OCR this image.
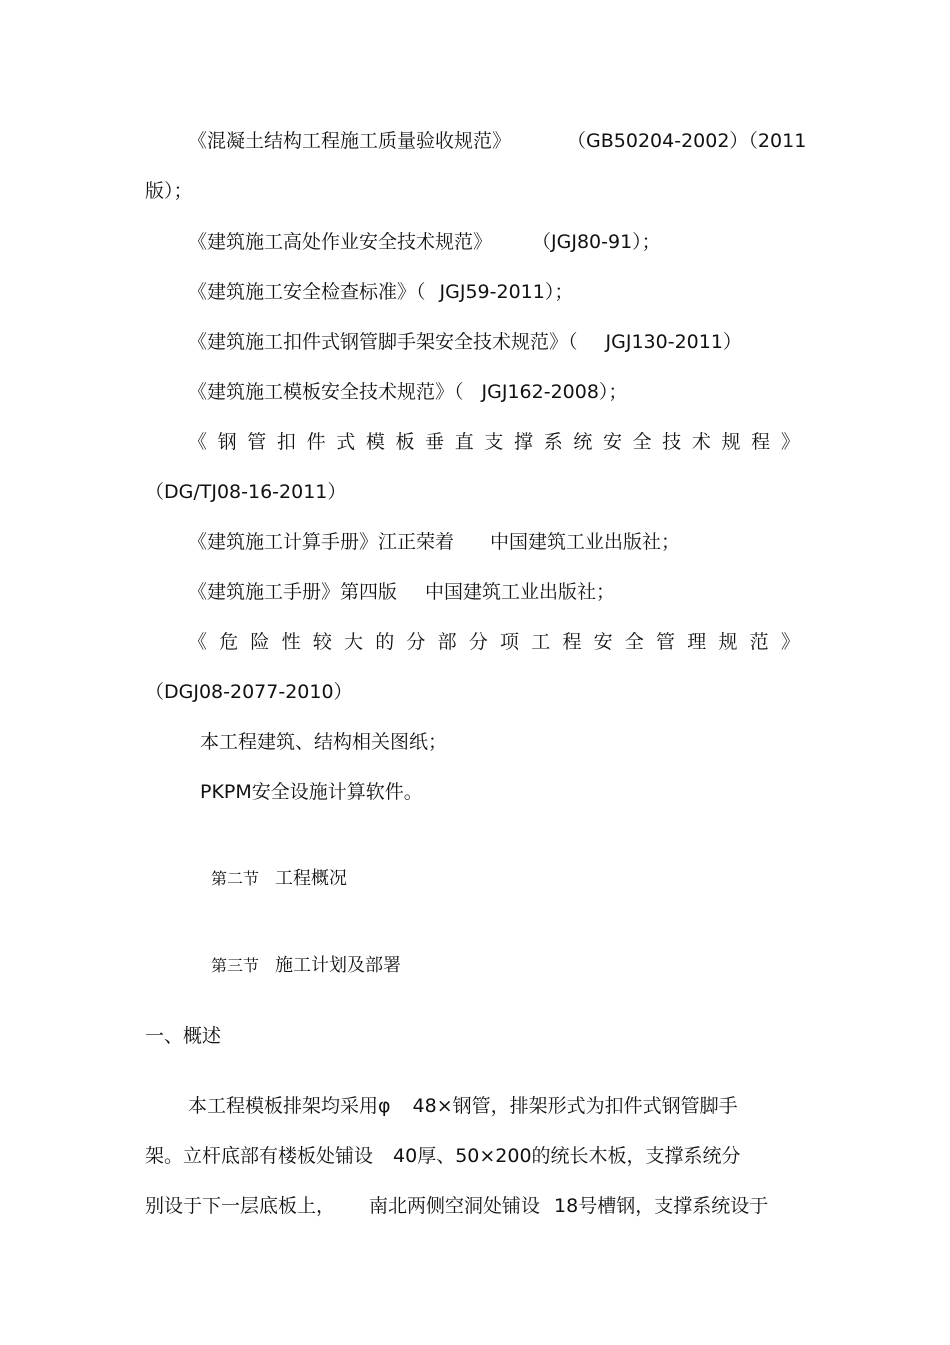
《混凝土结构工程施工质量验收规范》	（GB50204-2002）（2011
版）；
《建筑施工高处作业安全技术规范》 （JGJ80-91）；
《建筑施工安全检查标准》（ JGJ59-2011）；
《建筑施工扣件式钢管脚手架安全技术规范》（ JGJ130-2011）
《建筑施工模板安全技术规范》（ JGJ162-2008）；
《 钢 管 扣 件 式 模 板 垂 直 支 撑 系 统 安 全 技 术 规 程 》
（DG/TJ08-16-2011）
《建筑施工计算手册》江正荣着 中国建筑工业出版社；
《建筑施工手册》第四版 中国建筑工业出版社；
《 危 险 性 较 大 的 分 部 分 项 工 程 安 全 管 理 规 范 》
（DGJ08-2077-2010）
本工程建筑、结构相关图纸；
PKPM安全设施计算软件。
第二节 工程概况
第三节 施工计划及部署
一、概述
本工程模板排架均采用φ 48×钢管，排架形式为扣件式钢管脚手
架。立杆底部有楼板处铺设 40厚、50×200的统长木板，支撑系统分
别设于下一层底板上， 南北两侧空洞处铺设 18号槽钢，支撑系统设于
